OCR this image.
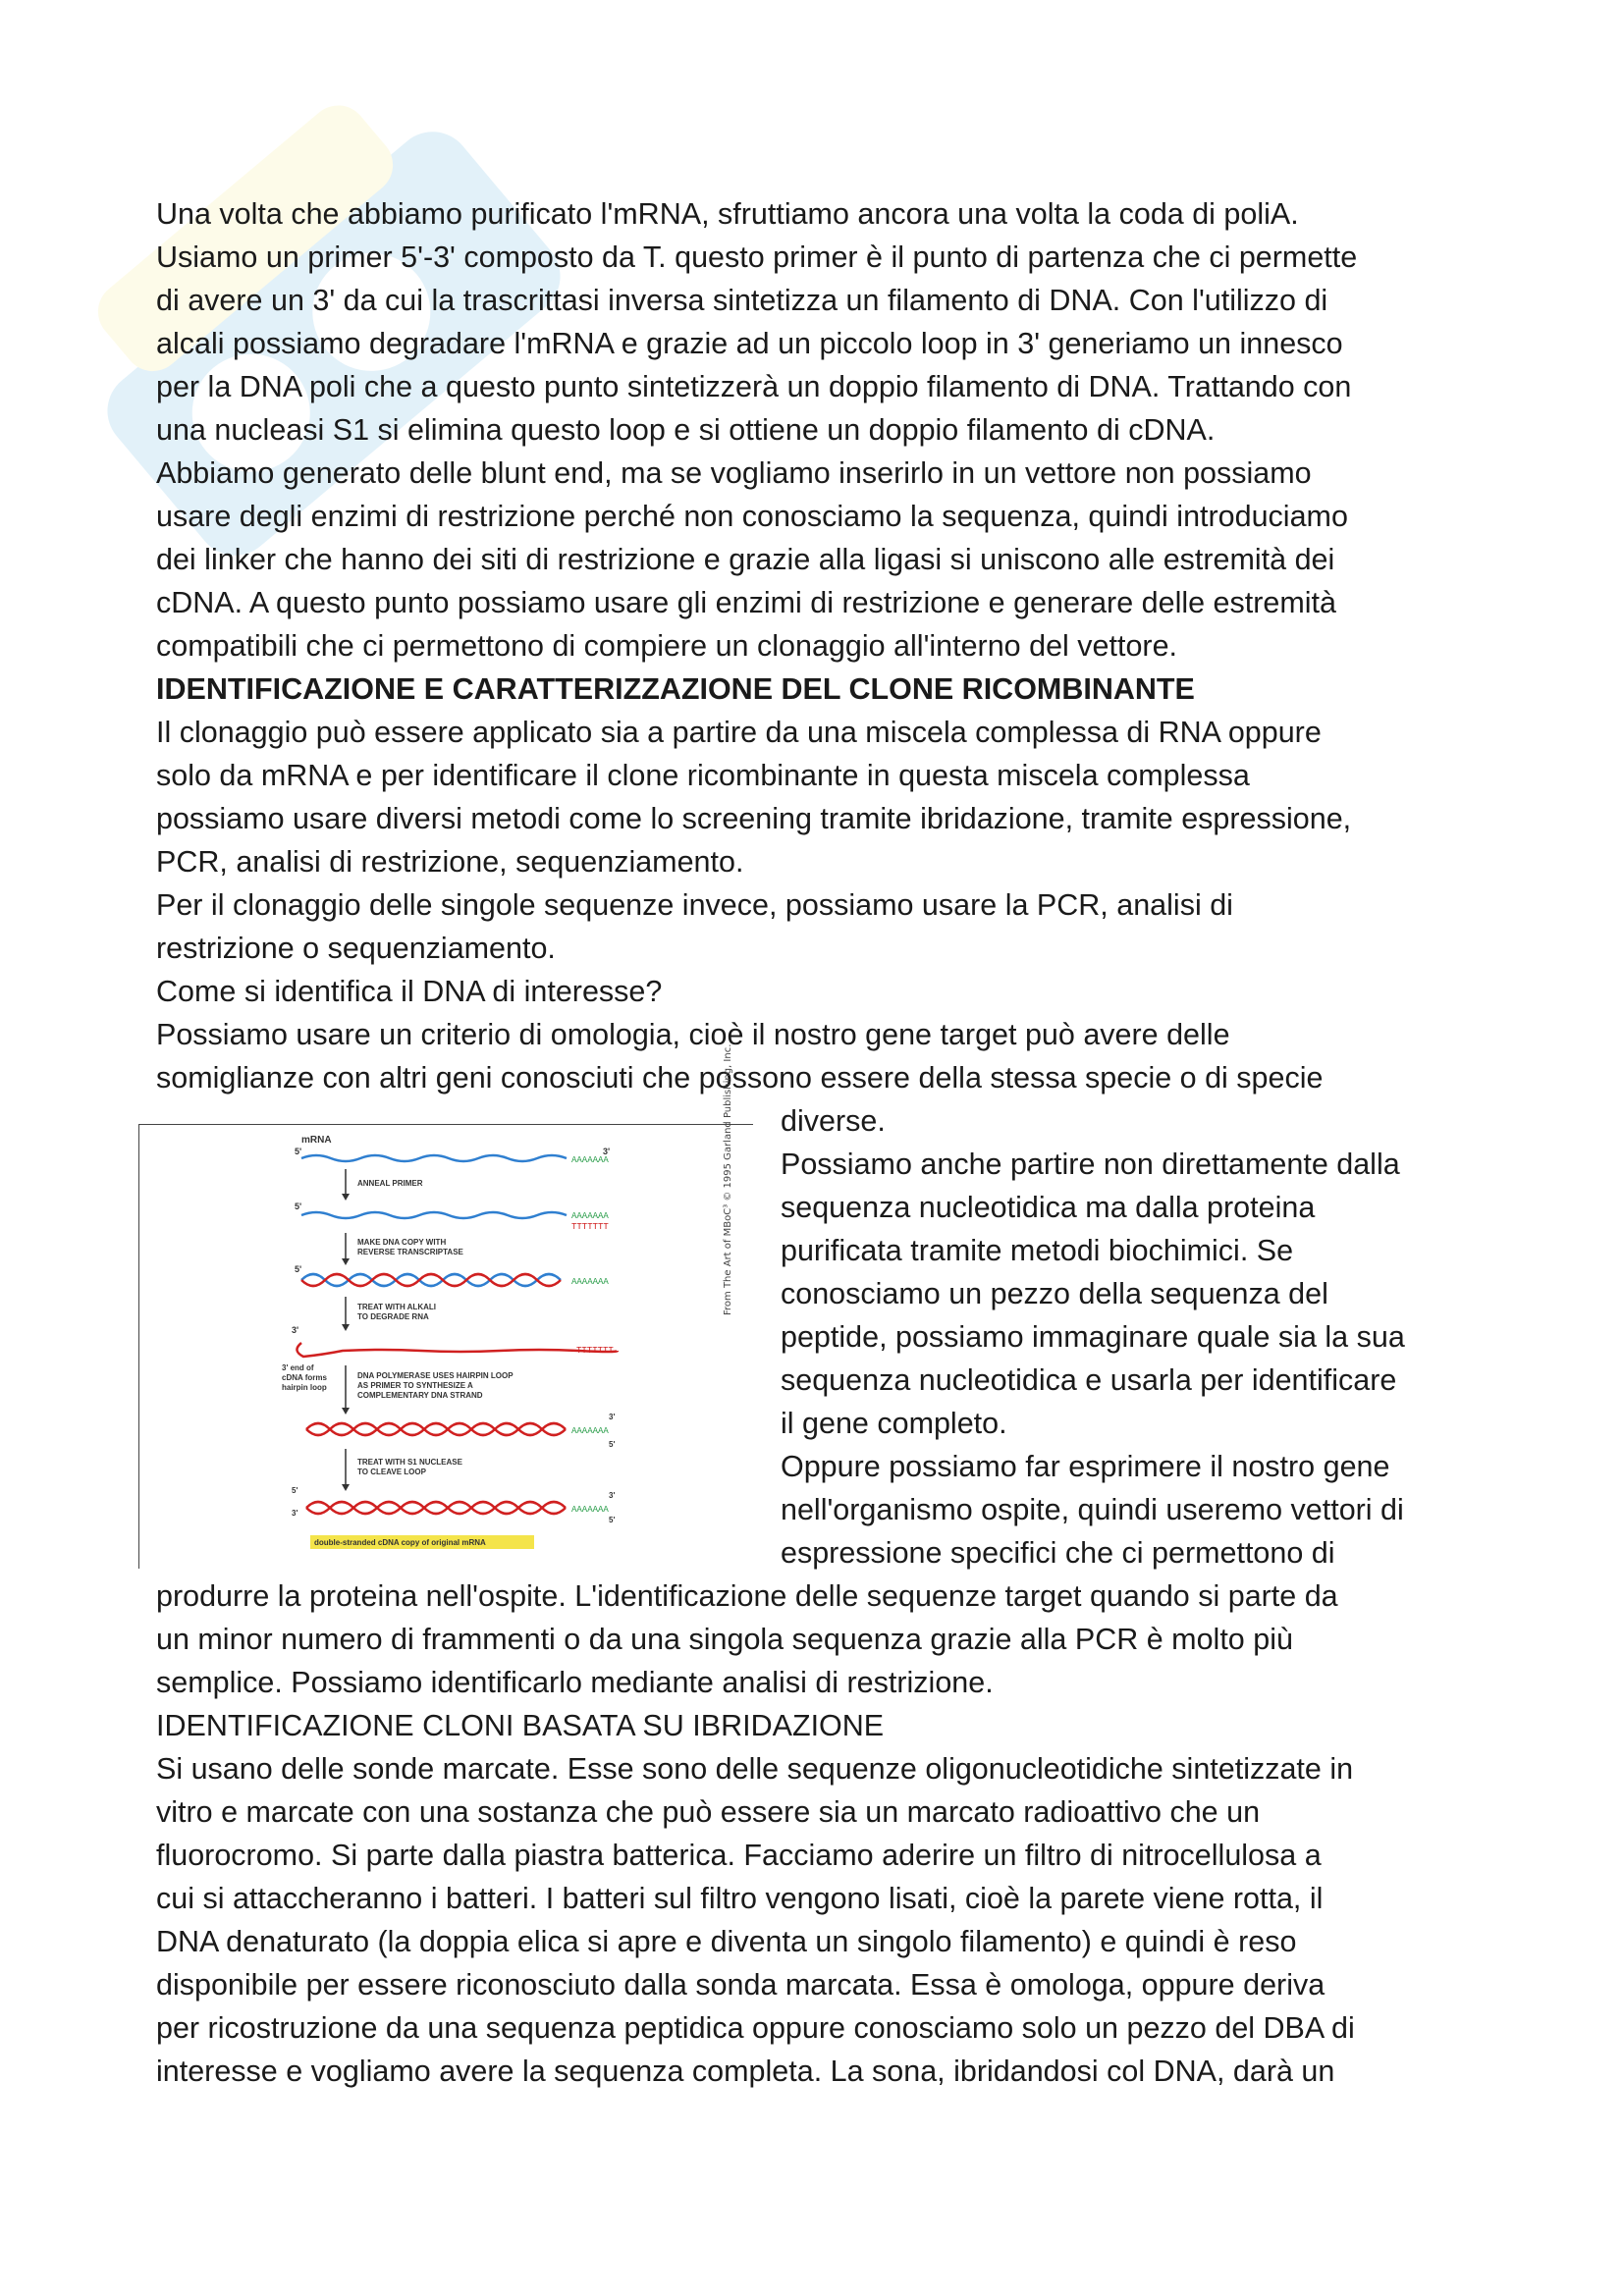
Una volta che abbiamo purificato l'mRNA, sfruttiamo ancora una volta la coda di poliA.
Usiamo un primer 5'-3' composto da T. questo primer è il punto di partenza che ci permette
di avere un 3' da cui la trascrittasi inversa sintetizza un filamento di DNA. Con l'utilizzo di
alcali possiamo degradare l'mRNA e grazie ad un piccolo loop in 3' generiamo un innesco
per la DNA poli che a questo punto sintetizzerà un doppio filamento di DNA. Trattando con
una nucleasi S1 si elimina questo loop e si ottiene un doppio filamento di cDNA.
Abbiamo generato delle blunt end, ma se vogliamo inserirlo in un vettore non possiamo
usare degli enzimi di restrizione perché non conosciamo la sequenza, quindi introduciamo
dei linker che hanno dei siti di restrizione e grazie alla ligasi si uniscono alle estremità dei
cDNA. A questo punto possiamo usare gli enzimi di restrizione e generare delle estremità
compatibili che ci permettono di compiere un clonaggio all'interno del vettore.
IDENTIFICAZIONE E CARATTERIZZAZIONE DEL CLONE RICOMBINANTE
Il clonaggio può essere applicato sia a partire da una miscela complessa di RNA oppure
solo da mRNA e per identificare il clone ricombinante in questa miscela complessa
possiamo usare diversi metodi come lo screening tramite ibridazione, tramite espressione,
PCR, analisi di restrizione, sequenziamento.
Per il clonaggio delle singole sequenze invece, possiamo usare la PCR, analisi di
restrizione o sequenziamento.
Come si identifica il DNA di interesse?
Possiamo usare un criterio di omologia, cioè il nostro gene target può avere delle
somiglianze con altri geni conosciuti che possono essere della stessa specie o di specie
diverse.
Possiamo anche partire non direttamente dalla
sequenza nucleotidica ma dalla proteina
purificata tramite metodi biochimici. Se
conosciamo un pezzo della sequenza del
peptide, possiamo immaginare quale sia la sua
sequenza nucleotidica e usarla per identificare
il gene completo.
Oppure possiamo far esprimere il nostro gene
nell'organismo ospite, quindi useremo vettori di
espressione specifici che ci permettono di
mRNA
5'	3'
AAAAAAA
ANNEAL PRIMER
5'
AAAAAAA
TTTTTTT
MAKE DNA COPY WITH
REVERSE TRANSCRIPTASE
5'
AAAAAAA
TREAT WITH ALKALI
TO DEGRADE RNA
3'
TTTTTTT
3' end of
cDNA forms
hairpin loop
DNA POLYMERASE USES HAIRPIN LOOP
AS PRIMER TO SYNTHESIZE A
COMPLEMENTARY DNA STRAND
AAAAAAA
3'
5'
TREAT WITH S1 NUCLEASE
TO CLEAVE LOOP
5'
3'	AAAAAAA
3'
5'
double-stranded cDNA copy of original mRNA
From The Art of MBoC³ © 1995 Garland Publishing, Inc.
produrre la proteina nell'ospite. L'identificazione delle sequenze target quando si parte da
un minor numero di frammenti o da una singola sequenza grazie alla PCR è molto più
semplice. Possiamo identificarlo mediante analisi di restrizione.
IDENTIFICAZIONE CLONI BASATA SU IBRIDAZIONE
Si usano delle sonde marcate. Esse sono delle sequenze oligonucleotidiche sintetizzate in
vitro e marcate con una sostanza che può essere sia un marcato radioattivo che un
fluorocromo. Si parte dalla piastra batterica. Facciamo aderire un filtro di nitrocellulosa a
cui si attaccheranno i batteri. I batteri sul filtro vengono lisati, cioè la parete viene rotta, il
DNA denaturato (la doppia elica si apre e diventa un singolo filamento) e quindi è reso
disponibile per essere riconosciuto dalla sonda marcata. Essa è omologa, oppure deriva
per ricostruzione da una sequenza peptidica oppure conosciamo solo un pezzo del DBA di
interesse e vogliamo avere la sequenza completa. La sona, ibridandosi col DNA, darà un
